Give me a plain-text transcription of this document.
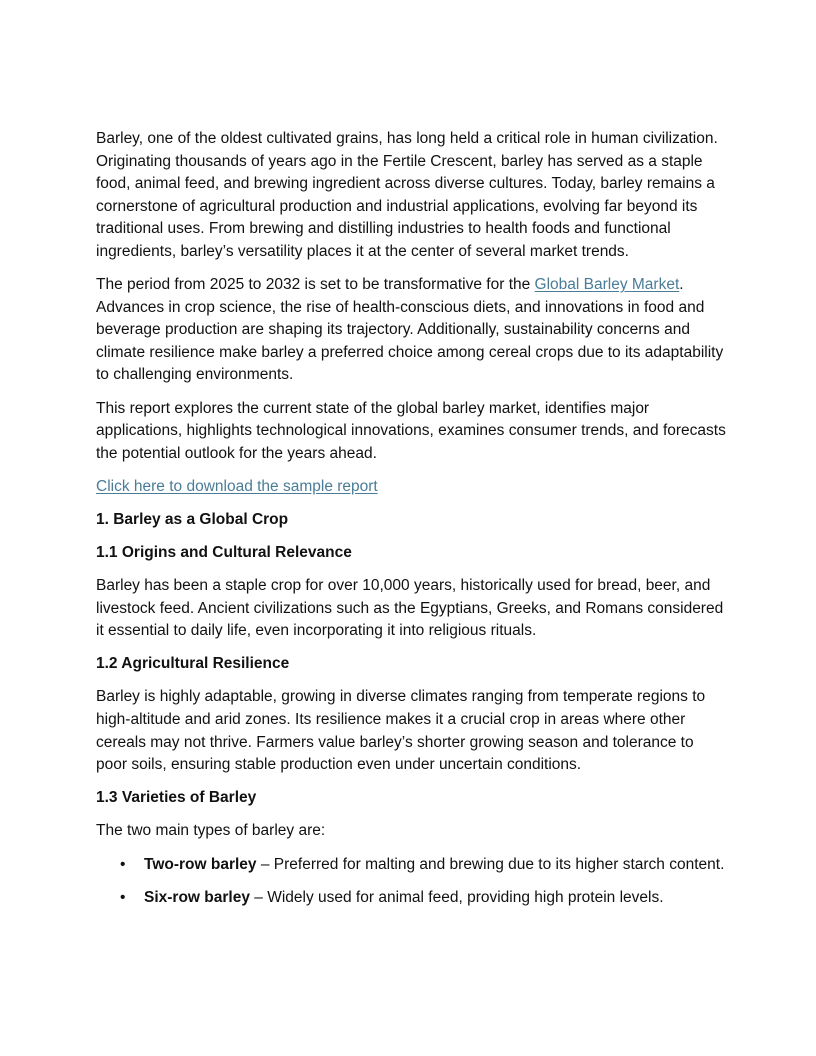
Barley, one of the oldest cultivated grains, has long held a critical role in human civilization. Originating thousands of years ago in the Fertile Crescent, barley has served as a staple food, animal feed, and brewing ingredient across diverse cultures. Today, barley remains a cornerstone of agricultural production and industrial applications, evolving far beyond its traditional uses. From brewing and distilling industries to health foods and functional ingredients, barley’s versatility places it at the center of several market trends.

The period from 2025 to 2032 is set to be transformative for the Global Barley Market. Advances in crop science, the rise of health-conscious diets, and innovations in food and beverage production are shaping its trajectory. Additionally, sustainability concerns and climate resilience make barley a preferred choice among cereal crops due to its adaptability to challenging environments.

This report explores the current state of the global barley market, identifies major applications, highlights technological innovations, examines consumer trends, and forecasts the potential outlook for the years ahead.

Click here to download the sample report

1. Barley as a Global Crop

1.1 Origins and Cultural Relevance

Barley has been a staple crop for over 10,000 years, historically used for bread, beer, and livestock feed. Ancient civilizations such as the Egyptians, Greeks, and Romans considered it essential to daily life, even incorporating it into religious rituals.

1.2 Agricultural Resilience

Barley is highly adaptable, growing in diverse climates ranging from temperate regions to high-altitude and arid zones. Its resilience makes it a crucial crop in areas where other cereals may not thrive. Farmers value barley’s shorter growing season and tolerance to poor soils, ensuring stable production even under uncertain conditions.

1.3 Varieties of Barley

The two main types of barley are:

• Two-row barley – Preferred for malting and brewing due to its higher starch content.
• Six-row barley – Widely used for animal feed, providing high protein levels.
